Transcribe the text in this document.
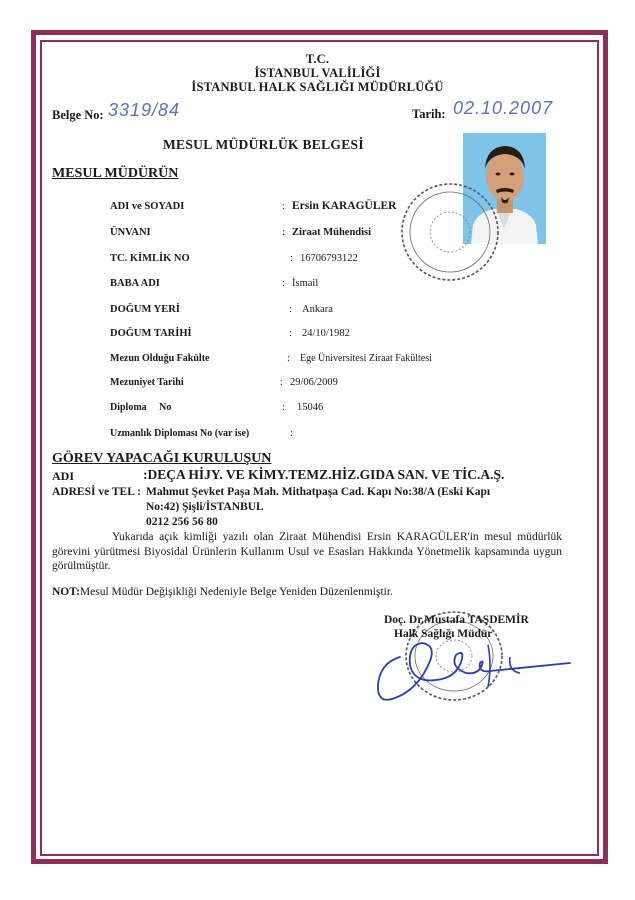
T.C.
İSTANBUL VALİLİĞİ
İSTANBUL HALK SAĞLIĞI MÜDÜRLÜĞÜ
Belge No: 3319/84	Tarih: 02.10.2007
MESUL MÜDÜRLÜK BELGESİ
MESUL MÜDÜRÜN
ADI ve SOYADI	: Ersin KARAGÜLER
ÜNVANI	: Ziraat Mühendisi
TC. KİMLİK NO	: 16706793122
BABA ADI	: İsmail
DOĞUM YERİ	: Ankara
DOĞUM TARİHİ	: 24/10/1982
Mezun Olduğu Fakülte	: Ege Üniversitesi Ziraat Fakültesi
Mezuniyet Tarihi	: 29/06/2009
Diploma     No	: 15046
Uzmanlık Diploması No (var ise)	:
GÖREV YAPACAĞI KURULUŞUN
ADI	:DEÇA HİJY. VE KİMY.TEMZ.HİZ.GIDA SAN. VE TİC.A.Ş.
ADRESİ ve TEL : Mahmut Şevket Paşa Mah. Mithatpaşa Cad. Kapı No:38/A (Eski Kapı
No:42) Şişli/İSTANBUL
0212 256 56 80
Yukarıda açık kimliği yazılı olan Ziraat Mühendisi Ersin KARAGÜLER'in mesul müdürlük görevini yürütmesi Biyosidal Ürünlerin Kullanım Usul ve Esasları Hakkında Yönetmelik kapsamında uygun görülmüştür.
NOT:Mesul Müdür Değişikliği Nedeniyle Belge Yeniden Düzenlenmiştir.
Doç. Dr.Mustafa TAŞDEMİR
Halk Sağlığı Müdür
